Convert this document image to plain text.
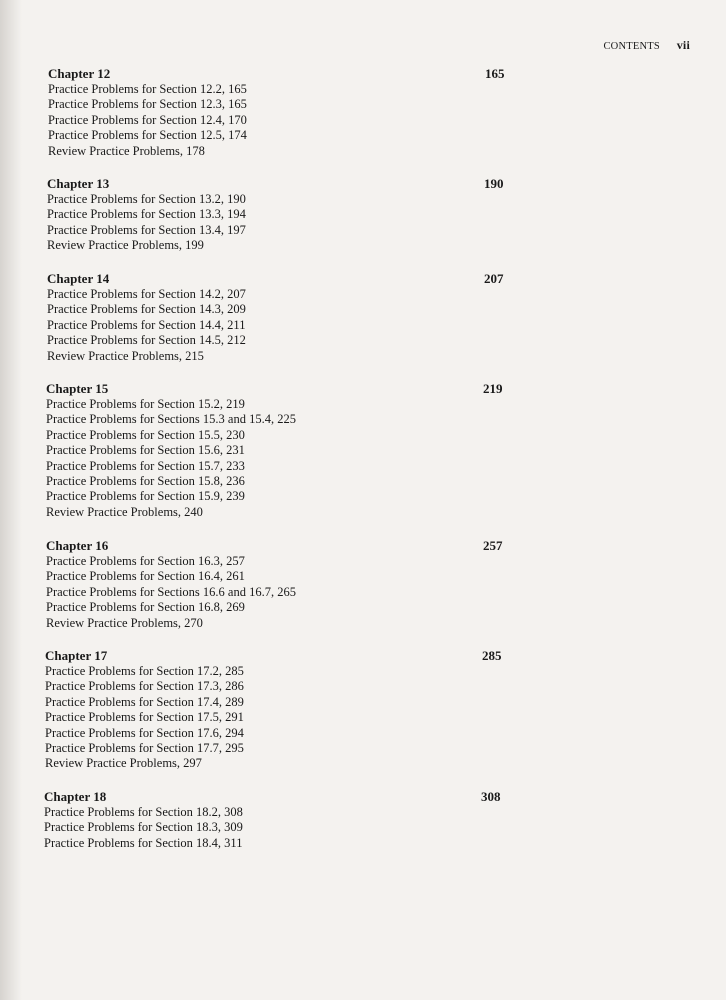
CONTENTS vii
Chapter 12	165
Practice Problems for Section 12.2, 165
Practice Problems for Section 12.3, 165
Practice Problems for Section 12.4, 170
Practice Problems for Section 12.5, 174
Review Practice Problems, 178
Chapter 13	190
Practice Problems for Section 13.2, 190
Practice Problems for Section 13.3, 194
Practice Problems for Section 13.4, 197
Review Practice Problems, 199
Chapter 14	207
Practice Problems for Section 14.2, 207
Practice Problems for Section 14.3, 209
Practice Problems for Section 14.4, 211
Practice Problems for Section 14.5, 212
Review Practice Problems, 215
Chapter 15	219
Practice Problems for Section 15.2, 219
Practice Problems for Sections 15.3 and 15.4, 225
Practice Problems for Section 15.5, 230
Practice Problems for Section 15.6, 231
Practice Problems for Section 15.7, 233
Practice Problems for Section 15.8, 236
Practice Problems for Section 15.9, 239
Review Practice Problems, 240
Chapter 16	257
Practice Problems for Section 16.3, 257
Practice Problems for Section 16.4, 261
Practice Problems for Sections 16.6 and 16.7, 265
Practice Problems for Section 16.8, 269
Review Practice Problems, 270
Chapter 17	285
Practice Problems for Section 17.2, 285
Practice Problems for Section 17.3, 286
Practice Problems for Section 17.4, 289
Practice Problems for Section 17.5, 291
Practice Problems for Section 17.6, 294
Practice Problems for Section 17.7, 295
Review Practice Problems, 297
Chapter 18	308
Practice Problems for Section 18.2, 308
Practice Problems for Section 18.3, 309
Practice Problems for Section 18.4, 311
